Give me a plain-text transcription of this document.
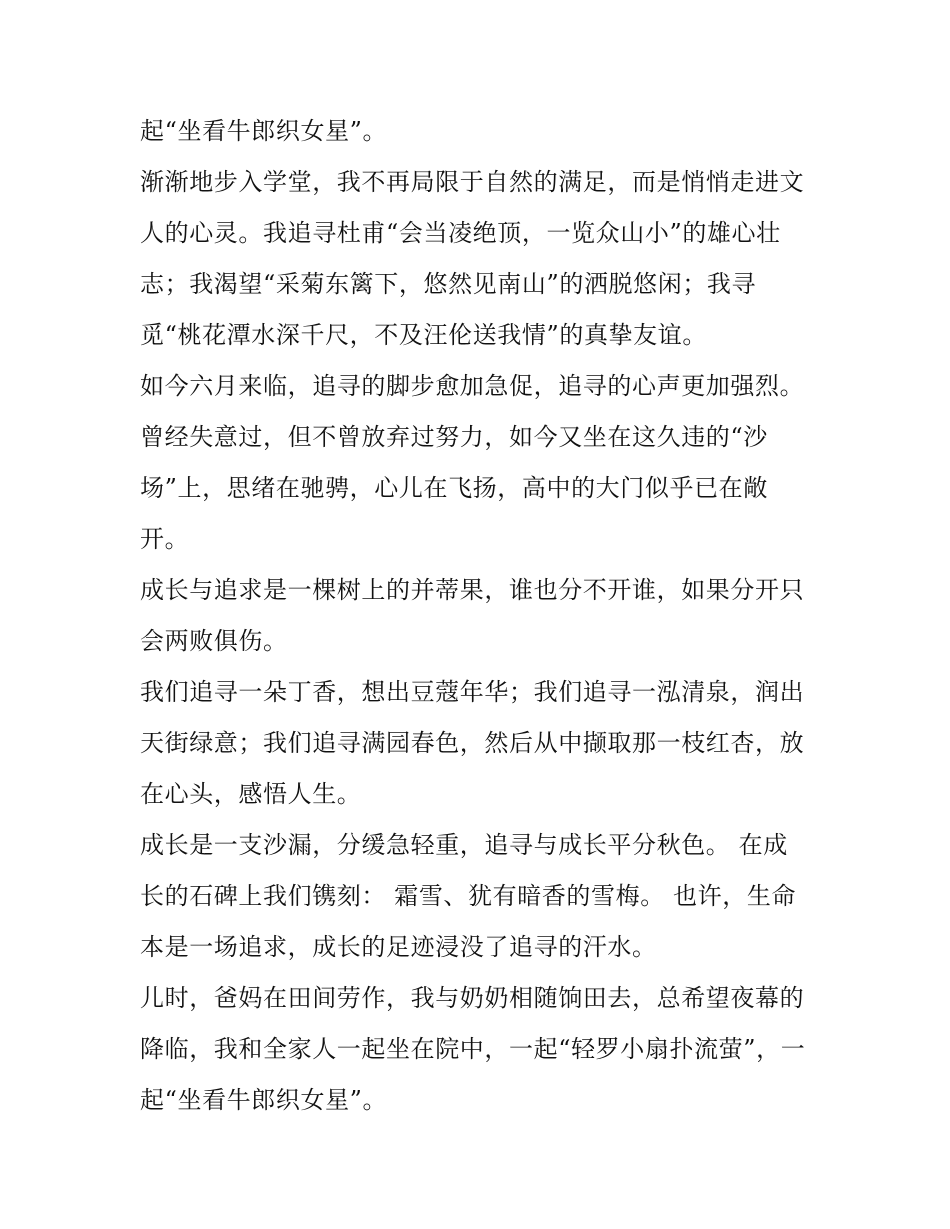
起“坐看牛郎织女星”。
渐渐地步入学堂，我不再局限于自然的满足，而是悄悄走进文
人的心灵。我追寻杜甫“会当凌绝顶，一览众山小”的雄心壮
志；我渴望“采菊东篱下，悠然见南山”的洒脱悠闲；我寻
觅“桃花潭水深千尺，不及汪伦送我情”的真挚友谊。
如今六月来临，追寻的脚步愈加急促，追寻的心声更加强烈。
曾经失意过，但不曾放弃过努力，如今又坐在这久违的“沙
场”上，思绪在驰骋，心儿在飞扬，高中的大门似乎已在敞
开。
成长与追求是一棵树上的并蒂果，谁也分不开谁，如果分开只
会两败俱伤。
我们追寻一朵丁香，想出豆蔻年华；我们追寻一泓清泉，润出
天街绿意；我们追寻满园春色，然后从中撷取那一枝红杏，放
在心头，感悟人生。
成长是一支沙漏，分缓急轻重，追寻与成长平分秋色。 在成
长的石碑上我们镌刻： 霜雪、犹有暗香的雪梅。 也许，生命
本是一场追求，成长的足迹浸没了追寻的汗水。
儿时，爸妈在田间劳作，我与奶奶相随饷田去，总希望夜幕的
降临，我和全家人一起坐在院中，一起“轻罗小扇扑流萤”，一
起“坐看牛郎织女星”。
